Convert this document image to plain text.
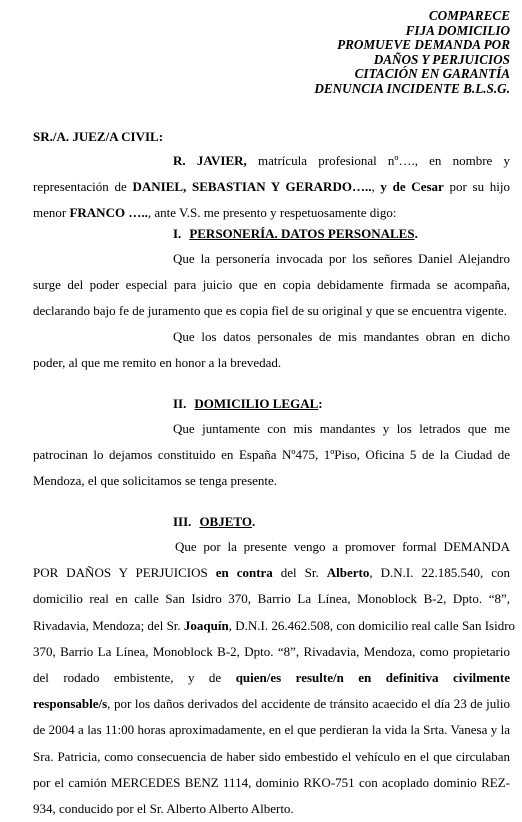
COMPARECE
FIJA DOMICILIO
PROMUEVE DEMANDA POR
DAÑOS Y PERJUICIOS
CITACIÓN EN GARANTÍA
DENUNCIA INCIDENTE B.L.S.G.
SR./A. JUEZ/A CIVIL:
R. JAVIER, matrícula profesional nº…., en nombre y
representación de DANIEL, SEBASTIAN Y GERARDO….., y de Cesar por su hijo
menor FRANCO ….., ante V.S. me presento y respetuosamente digo:
I. PERSONERÍA. DATOS PERSONALES.
Que la personería invocada por los señores Daniel Alejandro
surge del poder especial para juicio que en copia debidamente firmada se acompaña,
declarando bajo fe de juramento que es copia fiel de su original y que se encuentra vigente.
Que los datos personales de mis mandantes obran en dicho
poder, al que me remito en honor a la brevedad.
II. DOMICILIO LEGAL:
Que juntamente con mis mandantes y los letrados que me
patrocinan lo dejamos constituido en España Nº475, 1ºPiso, Oficina 5 de la Ciudad de
Mendoza, el que solicitamos se tenga presente.
III. OBJETO.
Que por la presente vengo a promover formal DEMANDA
POR DAÑOS Y PERJUICIOS en contra del Sr. Alberto, D.N.I. 22.185.540, con
domicilio real en calle San Isidro 370, Barrio La Línea, Monoblock B-2, Dpto. “8”,
Rivadavia, Mendoza; del Sr. Joaquín, D.N.I. 26.462.508, con domicilio real calle San Isidro
370, Barrio La Línea, Monoblock B-2, Dpto. “8”, Rivadavia, Mendoza, como propietario
del rodado embistente, y de quien/es resulte/n en definitiva civilmente
responsable/s, por los daños derivados del accidente de tránsito acaecido el día 23 de julio
de 2004 a las 11:00 horas aproximadamente, en el que perdieran la vida la Srta. Vanesa y la
Sra. Patricia, como consecuencia de haber sido embestido el vehículo en el que circulaban
por el camión MERCEDES BENZ 1114, dominio RKO-751 con acoplado dominio REZ-
934, conducido por el Sr. Alberto Alberto Alberto.
